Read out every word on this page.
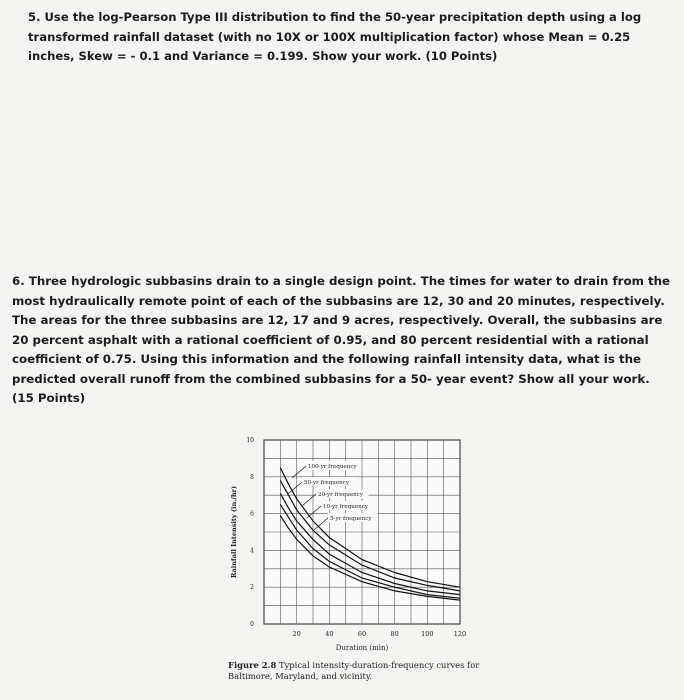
5. Use the log-Pearson Type III distribution to find the 50-year precipitation depth using a log transformed rainfall dataset (with no 10X or 100X multiplication factor) whose Mean = 0.25 inches, Skew = - 0.1 and Variance = 0.199. Show your work. (10 Points)
6. Three hydrologic subbasins drain to a single design point. The times for water to drain from the most hydraulically remote point of each of the subbasins are 12, 30 and 20 minutes, respectively. The areas for the three subbasins are 12, 17 and 9 acres, respectively. Overall, the subbasins are 20 percent asphalt with a rational coefficient of 0.95, and 80 percent residential with a rational coefficient of 0.75. Using this information and the following rainfall intensity data, what is the predicted overall runoff from the combined subbasins for a 50- year event? Show all your work. (15 Points)
20	40	60	80	100	120
0
2
4
6
8
10
100-yr frequency
50-yr frequency
20-yr frequency
10-yr frequency
5-yr frequency
Duration (min)
Rainfall Intensity (in./hr)
Figure 2.8 Typical intensity-duration-frequency curves for Baltimore, Maryland, and vicinity.
